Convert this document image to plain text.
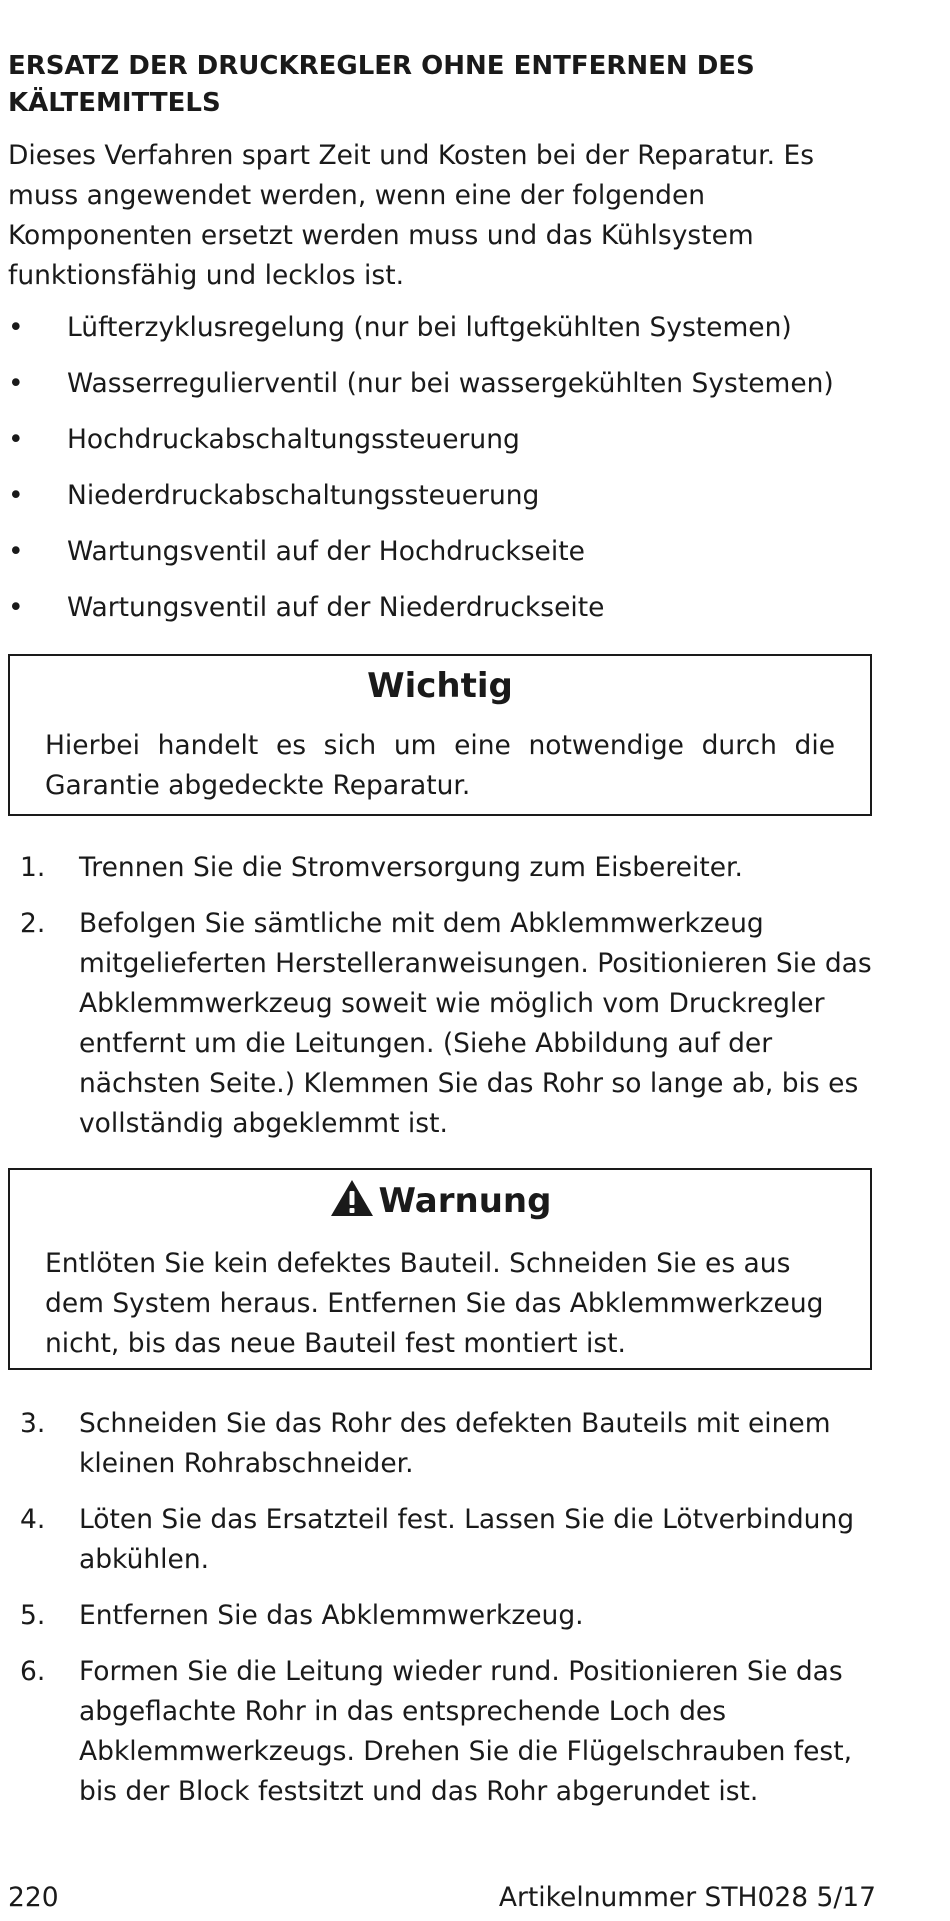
ERSATZ DER DRUCKREGLER OHNE ENTFERNEN DES KÄLTEMITTELS

Dieses Verfahren spart Zeit und Kosten bei der Reparatur. Es muss angewendet werden, wenn eine der folgenden Komponenten ersetzt werden muss und das Kühlsystem funktionsfähig und lecklos ist.

• Lüfterzyklusregelung (nur bei luftgekühlten Systemen)
• Wasserregulierventil (nur bei wassergekühlten Systemen)
• Hochdruckabschaltungssteuerung
• Niederdruckabschaltungssteuerung
• Wartungsventil auf der Hochdruckseite
• Wartungsventil auf der Niederdruckseite
Wichtig
Hierbei handelt es sich um eine notwendige durch die Garantie abgedeckte Reparatur.
1. Trennen Sie die Stromversorgung zum Eisbereiter.
2. Befolgen Sie sämtliche mit dem Abklemmwerkzeug mitgelieferten Herstelleranweisungen. Positionieren Sie das Abklemmwerkzeug soweit wie möglich vom Druckregler entfernt um die Leitungen. (Siehe Abbildung auf der nächsten Seite.) Klemmen Sie das Rohr so lange ab, bis es vollständig abgeklemmt ist.
Warnung
Entlöten Sie kein defektes Bauteil. Schneiden Sie es aus dem System heraus. Entfernen Sie das Abklemmwerkzeug nicht, bis das neue Bauteil fest montiert ist.
3. Schneiden Sie das Rohr des defekten Bauteils mit einem kleinen Rohrabschneider.
4. Löten Sie das Ersatzteil fest. Lassen Sie die Lötverbindung abkühlen.
5. Entfernen Sie das Abklemmwerkzeug.
6. Formen Sie die Leitung wieder rund. Positionieren Sie das abgeflachte Rohr in das entsprechende Loch des Abklemmwerkzeugs. Drehen Sie die Flügelschrauben fest, bis der Block festsitzt und das Rohr abgerundet ist.
220	Artikelnummer STH028 5/17
